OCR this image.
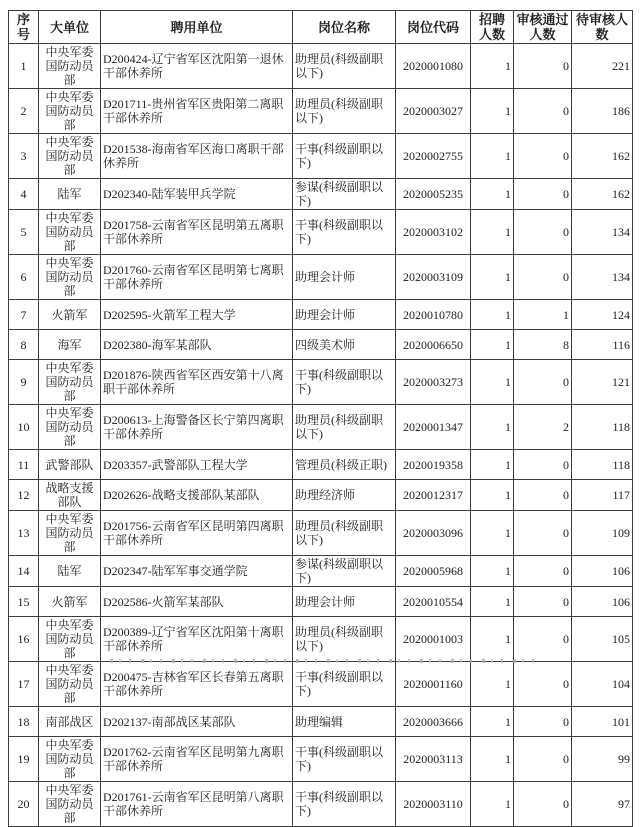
序号	大单位	聘用单位	岗位名称	岗位代码	招聘人数	审核通过人数	待审核人数
1	中央军委国防动员部	D200424-辽宁省军区沈阳第一退休干部休养所	助理员(科级副职以下)	2020001080	1	0	221
2	中央军委国防动员部	D201711-贵州省军区贵阳第二离职干部休养所	助理员(科级副职以下)	2020003027	1	0	186
3	中央军委国防动员部	D201538-海南省军区海口离职干部休养所	干事(科级副职以下)	2020002755	1	0	162
4	陆军	D202340-陆军装甲兵学院	参谋(科级副职以下)	2020005235	1	0	162
5	中央军委国防动员部	D201758-云南省军区昆明第五离职干部休养所	干事(科级副职以下)	2020003102	1	0	134
6	中央军委国防动员部	D201760-云南省军区昆明第七离职干部休养所	助理会计师	2020003109	1	0	134
7	火箭军	D202595-火箭军工程大学	助理会计师	2020010780	1	1	124
8	海军	D202380-海军某部队	四级美术师	2020006650	1	8	116
9	中央军委国防动员部	D201876-陕西省军区西安第十八离职干部休养所	干事(科级副职以下)	2020003273	1	0	121
10	中央军委国防动员部	D200613-上海警备区长宁第四离职干部休养所	助理员(科级副职以下)	2020001347	1	2	118
11	武警部队	D203357-武警部队工程大学	管理员(科级正职)	2020019358	1	0	118
12	战略支援部队	D202626-战略支援部队某部队	助理经济师	2020012317	1	0	117
13	中央军委国防动员部	D201756-云南省军区昆明第四离职干部休养所	助理员(科级副职以下)	2020003096	1	0	109
14	陆军	D202347-陆军军事交通学院	参谋(科级副职以下)	2020005968	1	0	106
15	火箭军	D202586-火箭军某部队	助理会计师	2020010554	1	0	106
16	中央军委国防动员部	D200389-辽宁省军区沈阳第十离职干部休养所	助理员(科级副职以下)	2020001003	1	0	105
17	中央军委国防动员部	D200475-吉林省军区长春第五离职干部休养所	干事(科级副职以下)	2020001160	1	0	104
18	南部战区	D202137-南部战区某部队	助理编辑	2020003666	1	0	101
19	中央军委国防动员部	D201762-云南省军区昆明第九离职干部休养所	干事(科级副职以下)	2020003113	1	0	99
20	中央军委国防动员部	D201761-云南省军区昆明第八离职干部休养所	干事(科级副职以下)	2020003110	1	0	97
